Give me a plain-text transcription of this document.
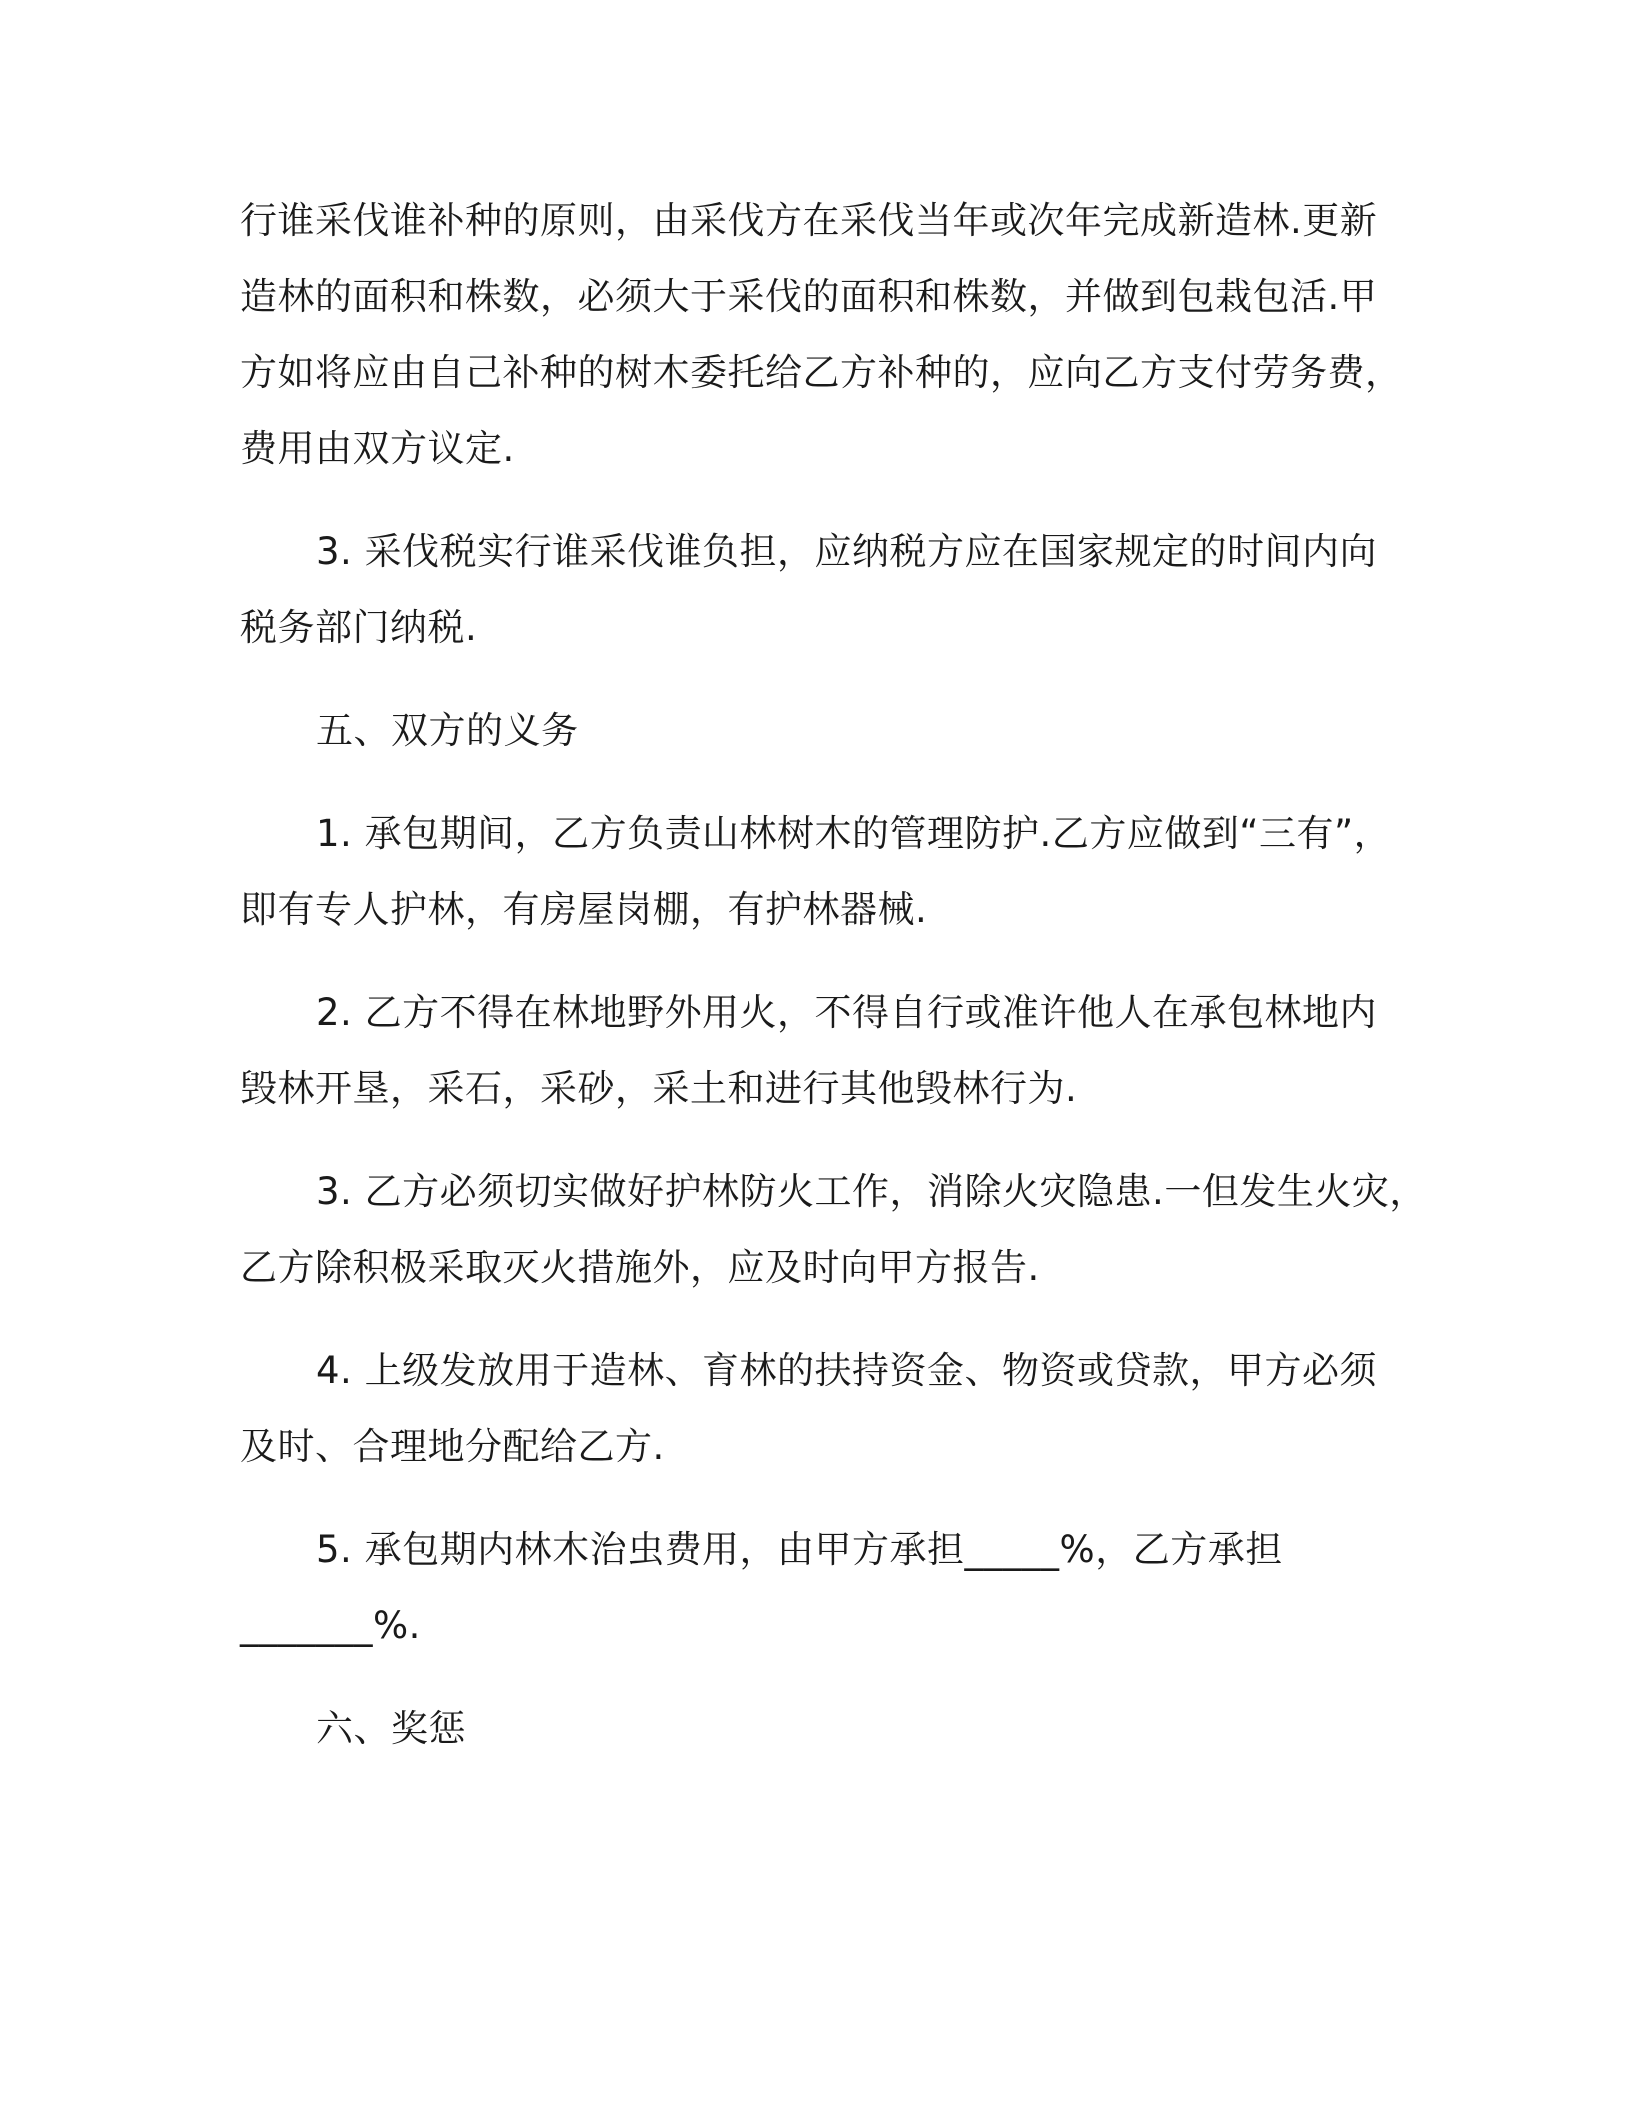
行谁采伐谁补种的原则，由采伐方在采伐当年或次年完成新造林.更新

造林的面积和株数，必须大于采伐的面积和株数，并做到包栽包活.甲

方如将应由自己补种的树木委托给乙方补种的，应向乙方支付劳务费，

费用由双方议定.

3. 采伐税实行谁采伐谁负担，应纳税方应在国家规定的时间内向

税务部门纳税.

五、双方的义务

1. 承包期间，乙方负责山林树木的管理防护.乙方应做到“三有”，

即有专人护林，有房屋岗棚，有护林器械.

2. 乙方不得在林地野外用火，不得自行或准许他人在承包林地内

毁林开垦，采石，采砂，采土和进行其他毁林行为.

3. 乙方必须切实做好护林防火工作，消除火灾隐患.一但发生火灾，

乙方除积极采取灭火措施外，应及时向甲方报告.

4. 上级发放用于造林、育林的扶持资金、物资或贷款，甲方必须

及时、合理地分配给乙方.

5. 承包期内林木治虫费用，由甲方承担_____%，乙方承担

_______%.

六、奖惩
